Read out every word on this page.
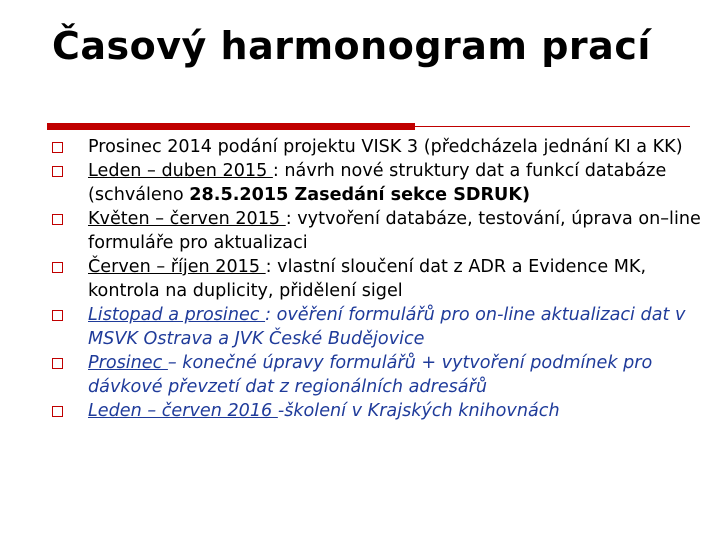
Časový harmonogram prací
Prosinec 2014 podání projektu VISK 3 (předcházela jednání KI a KK)
Leden – duben 2015 : návrh nové struktury dat a funkcí databáze (schváleno 28.5.2015 Zasedání sekce SDRUK)
Květen – červen 2015 : vytvoření databáze, testování, úprava on–line formuláře pro aktualizaci
Červen – říjen 2015 : vlastní sloučení dat z ADR a Evidence MK, kontrola na duplicity, přidělení sigel
Listopad a prosinec : ověření formulářů pro on-line aktualizaci dat v MSVK Ostrava a JVK České Budějovice
Prosinec – konečné úpravy formulářů + vytvoření podmínek pro dávkové převzetí dat z regionálních adresářů
Leden – červen 2016 -školení v Krajských knihovnách
